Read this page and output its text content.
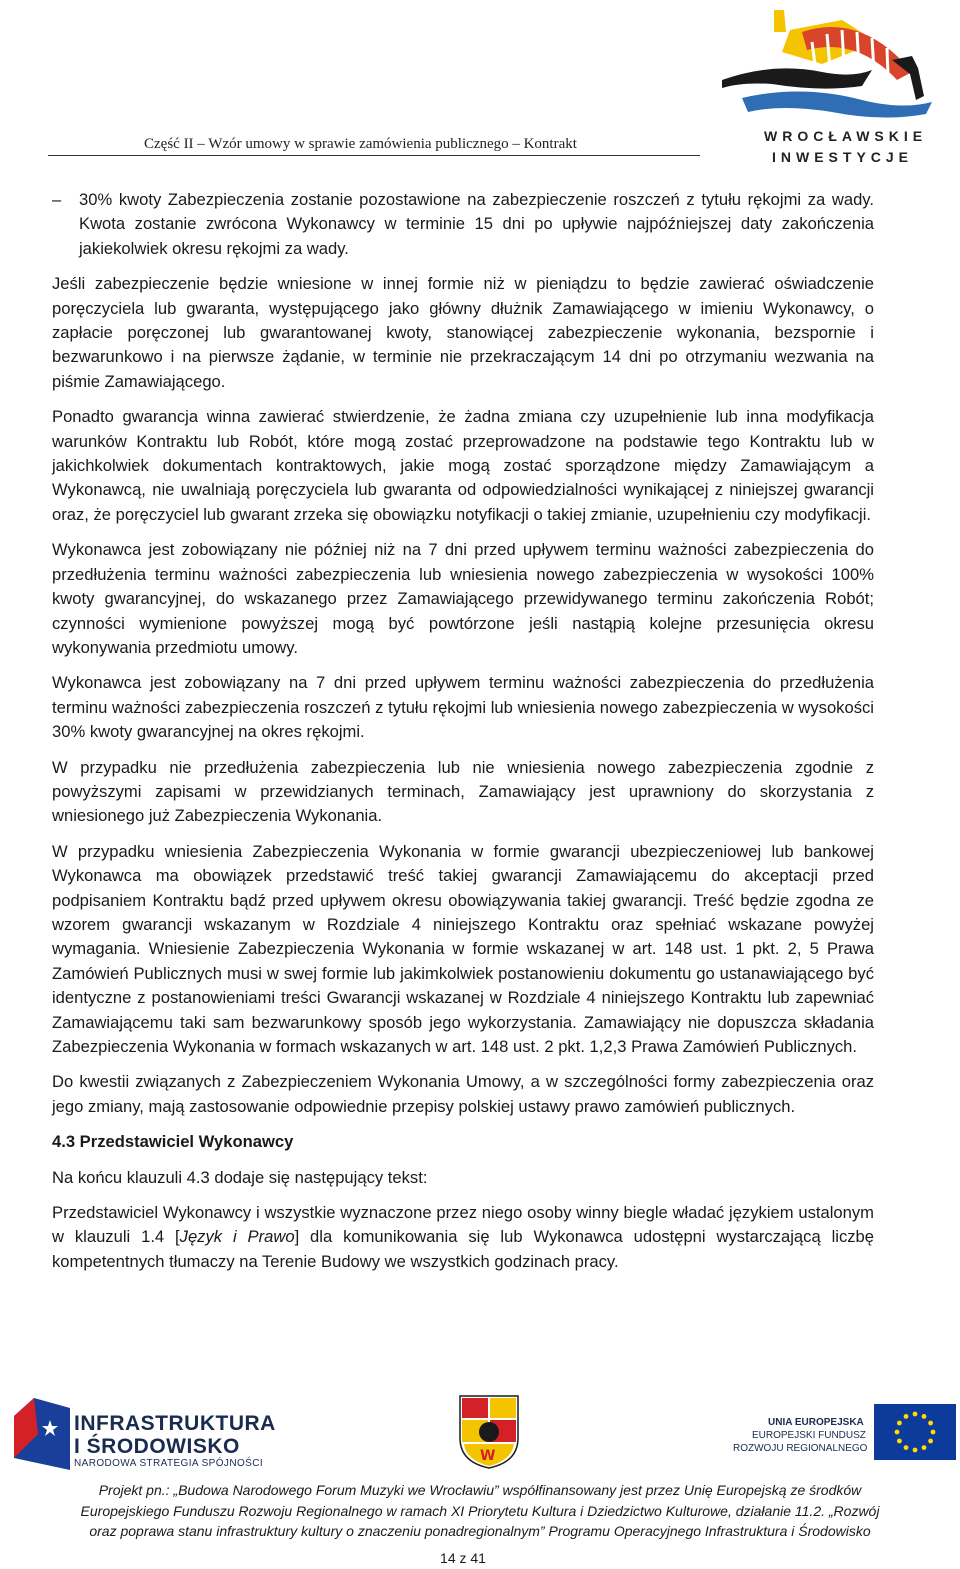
Część II – Wzór umowy w sprawie zamówienia publicznego – Kontrakt	WROCŁAWSKIE
INWESTYCJE

– 30% kwoty Zabezpieczenia zostanie pozostawione na zabezpieczenie roszczeń z tytułu rękojmi za wady. Kwota zostanie zwrócona Wykonawcy w terminie 15 dni po upływie najpóźniejszej daty zakończenia jakiekolwiek okresu rękojmi za wady.

Jeśli zabezpieczenie będzie wniesione w innej formie niż w pieniądzu to będzie zawierać oświadczenie poręczyciela lub gwaranta, występującego jako główny dłużnik Zamawiającego w imieniu Wykonawcy, o zapłacie poręczonej lub gwarantowanej kwoty, stanowiącej zabezpieczenie wykonania, bezspornie i bezwarunkowo i na pierwsze żądanie, w terminie nie przekraczającym 14 dni po otrzymaniu wezwania na piśmie Zamawiającego.

Ponadto gwarancja winna zawierać stwierdzenie, że żadna zmiana czy uzupełnienie lub inna modyfikacja warunków Kontraktu lub Robót, które mogą zostać przeprowadzone na podstawie tego Kontraktu lub w jakichkolwiek dokumentach kontraktowych, jakie mogą zostać sporządzone między Zamawiającym a Wykonawcą, nie uwalniają poręczyciela lub gwaranta od odpowiedzialności wynikającej z niniejszej gwarancji oraz, że poręczyciel lub gwarant zrzeka się obowiązku notyfikacji o takiej zmianie, uzupełnieniu czy modyfikacji.

Wykonawca jest zobowiązany nie później niż na 7 dni przed upływem terminu ważności zabezpieczenia do przedłużenia terminu ważności zabezpieczenia lub wniesienia nowego zabezpieczenia w wysokości 100% kwoty gwarancyjnej, do wskazanego przez Zamawiającego przewidywanego terminu zakończenia Robót; czynności wymienione powyższej mogą być powtórzone jeśli nastąpią kolejne przesunięcia okresu wykonywania przedmiotu umowy.

Wykonawca jest zobowiązany na 7 dni przed upływem terminu ważności zabezpieczenia do przedłużenia terminu ważności zabezpieczenia roszczeń z tytułu rękojmi lub wniesienia nowego zabezpieczenia w wysokości 30% kwoty gwarancyjnej na okres rękojmi.

W przypadku nie przedłużenia zabezpieczenia lub nie wniesienia nowego zabezpieczenia zgodnie z powyższymi zapisami w przewidzianych terminach, Zamawiający jest uprawniony do skorzystania z wniesionego już Zabezpieczenia Wykonania.

W przypadku wniesienia Zabezpieczenia Wykonania w formie gwarancji ubezpieczeniowej lub bankowej Wykonawca ma obowiązek przedstawić treść takiej gwarancji Zamawiającemu do akceptacji przed podpisaniem Kontraktu bądź przed upływem okresu obowiązywania takiej gwarancji. Treść będzie zgodna ze wzorem gwarancji wskazanym w Rozdziale 4 niniejszego Kontraktu oraz spełniać wskazane powyżej wymagania. Wniesienie Zabezpieczenia Wykonania w formie wskazanej w art. 148 ust. 1 pkt. 2, 5 Prawa Zamówień Publicznych musi w swej formie lub jakimkolwiek postanowieniu dokumentu go ustanawiającego być identyczne z postanowieniami treści Gwarancji wskazanej w Rozdziale 4 niniejszego Kontraktu lub zapewniać Zamawiającemu taki sam bezwarunkowy sposób jego wykorzystania. Zamawiający nie dopuszcza składania Zabezpieczenia Wykonania w formach wskazanych w art. 148 ust. 2 pkt. 1,2,3 Prawa Zamówień Publicznych.

Do kwestii związanych z Zabezpieczeniem Wykonania Umowy, a w szczególności formy zabezpieczenia oraz jego zmiany, mają zastosowanie odpowiednie przepisy polskiej ustawy prawo zamówień publicznych.

4.3 Przedstawiciel Wykonawcy

Na końcu klauzuli 4.3 dodaje się następujący tekst:

Przedstawiciel Wykonawcy i wszystkie wyznaczone przez niego osoby winny biegle władać językiem ustalonym w klauzuli 1.4 [Język i Prawo] dla komunikowania się lub Wykonawca udostępni wystarczającą liczbę kompetentnych tłumaczy na Terenie Budowy we wszystkich godzinach pracy.

INFRASTRUKTURA
I ŚRODOWISKO
NARODOWA STRATEGIA SPÓJNOŚCI	W
UNIA EUROPEJSKA
EUROPEJSKI FUNDUSZ
ROZWOJU REGIONALNEGO
Projekt pn.: „Budowa Narodowego Forum Muzyki we Wrocławiu” współfinansowany jest przez Unię Europejską ze środków
Europejskiego Funduszu Rozwoju Regionalnego w ramach XI Priorytetu Kultura i Dziedzictwo Kulturowe, działanie 11.2. „Rozwój
oraz poprawa stanu infrastruktury kultury o znaczeniu ponadregionalnym” Programu Operacyjnego Infrastruktura i Środowisko
14 z 41
